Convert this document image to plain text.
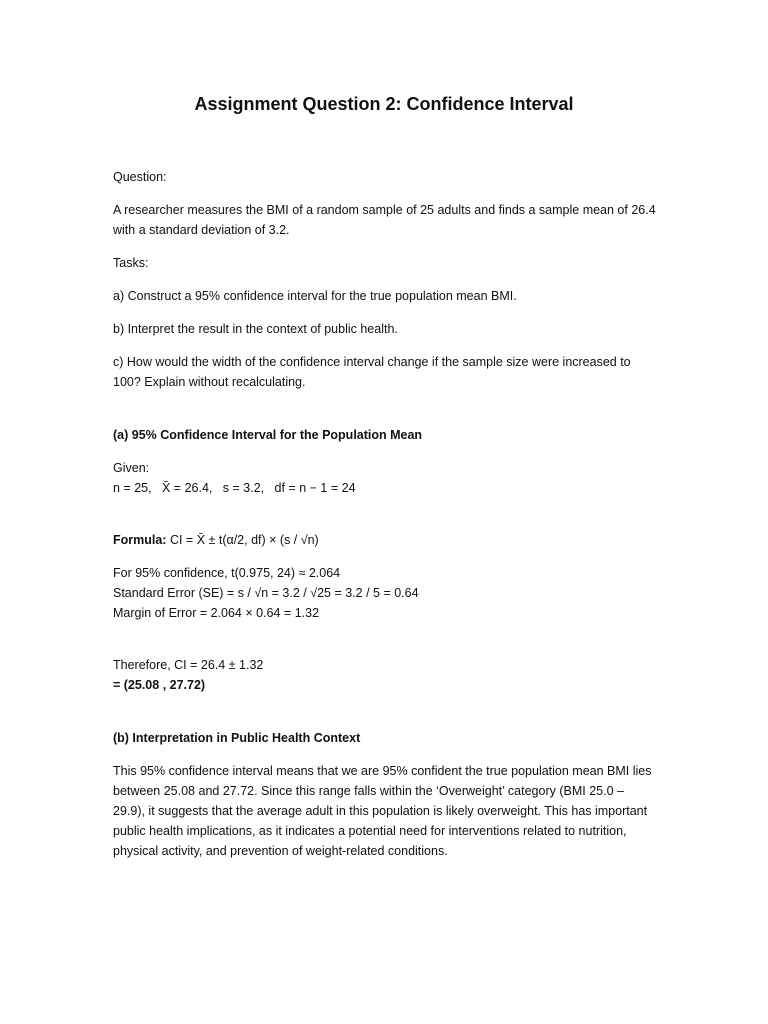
Assignment Question 2: Confidence Interval

Question:

A researcher measures the BMI of a random sample of 25 adults and finds a sample mean of 26.4 with a standard deviation of 3.2.

Tasks:

a) Construct a 95% confidence interval for the true population mean BMI.

b) Interpret the result in the context of public health.

c) How would the width of the confidence interval change if the sample size were increased to 100? Explain without recalculating.

(a) 95% Confidence Interval for the Population Mean

Given:

n = 25,   X̄ = 26.4,   s = 3.2,   df = n − 1 = 24

Formula: CI = X̄ ± t(α/2, df) × (s / √n)

For 95% confidence, t(0.975, 24) ≈ 2.064

Standard Error (SE) = s / √n = 3.2 / √25 = 3.2 / 5 = 0.64

Margin of Error = 2.064 × 0.64 = 1.32

Therefore, CI = 26.4 ± 1.32

= (25.08 , 27.72)

(b) Interpretation in Public Health Context

This 95% confidence interval means that we are 95% confident the true population mean BMI lies between 25.08 and 27.72. Since this range falls within the ‘Overweight’ category (BMI 25.0 – 29.9), it suggests that the average adult in this population is likely overweight. This has important public health implications, as it indicates a potential need for interventions related to nutrition, physical activity, and prevention of weight-related conditions.
